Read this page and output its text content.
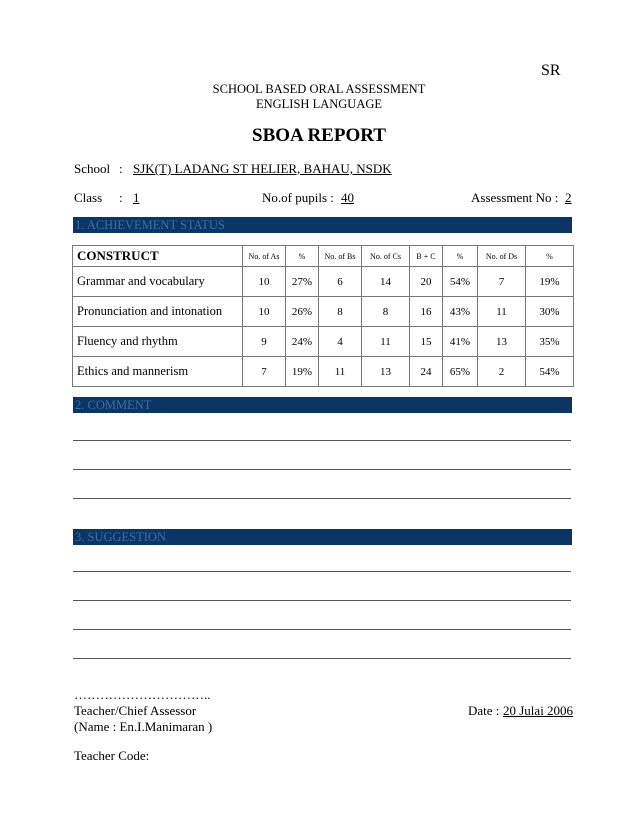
SR
SCHOOL BASED ORAL ASSESSMENT
ENGLISH LANGUAGE
SBOA REPORT
School : SJK(T) LADANG ST HELIER, BAHAU, NSDK
Class : 1	No.of pupils : 40	Assessment No : 2
1. ACHIEVEMENT STATUS
CONSTRUCT	No. of As	%	No. of Bs	No. of Cs	B + C	%	No. of Ds	%
Grammar and vocabulary	10	27%	6	14	20	54%	7	19%
Pronunciation and intonation	10	26%	8	8	16	43%	11	30%
Fluency and rhythm	9	24%	4	11	15	41%	13	35%
Ethics and mannerism	7	19%	11	13	24	65%	2	54%
2. COMMENT
3. SUGGESTION
…………………………..
Teacher/Chief Assessor
(Name : En.I.Manimaran )
Teacher Code:
Date : 20 Julai 2006
